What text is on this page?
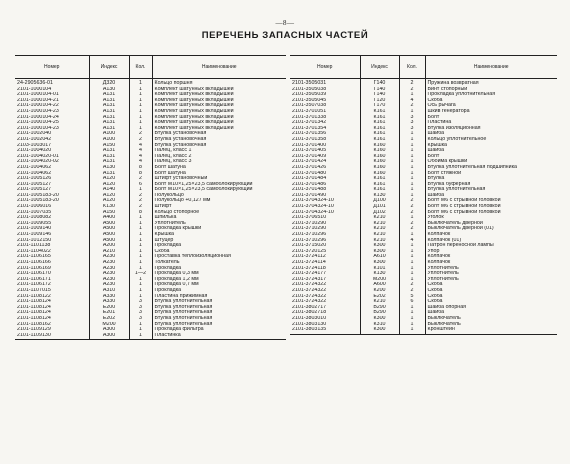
—8—
ПЕРЕЧЕНЬ ЗАПАСНЫХ ЧАСТЕЙ
Номер	Индекс	Кол.	Наименование
24-2905636-01	Д320	1	Кольцо поршня
2101-1000104	А130	1	Комплект шатунных вкладышей
2101-1000104-01	А131	1	Комплект шатунных вкладышей
2101-1000104-21	А131	1	Комплект шатунных вкладышей
2101-1000104-22	А131	1	Комплект шатунных вкладышей
2101-1000104-23	А131	1	Комплект шатунных вкладышей
2101-1000104-24	А131	1	Комплект шатунных вкладышей
2101-1000104-25	А131	1	Комплект шатунных вкладышей
2101-1000104-23	А131	1	Комплект шатунных вкладышей
2101-1002040	А100	2	Втулка установочная
2101-1002042	А100	2	Втулка установочная
2103-1003017	А150	4	Втулка установочная
2101-1004020	А131	4	Палец, класс 1
2101-1004020-01	А131	4	Палец, класс 2
2101-1004020-02	А131	4	Палец, класс 3
2101-1004062	А130	8	Болт шатуна
2101-1004062	А131	8	Болт шатуна
2101-1005126	А120	2	Штифт установочный
2101-1005127	А120	6	Болт М10×1,25×23,5 самоблокирующий
2101-1005127	А140	1	Болт М10×1,25×23,5 самоблокирующий
2101-1005183-20	А120	2	Полукольцо
2101-1005183-20	А120	2	Полукольцо +0,127 мм
2101-1006016	К130	2	Штифт
2101-1007035	А150	8	Кольцо стопорное
2101-1008082	А400	1	Шпилька
2101-1009055	А500	1	Уплотнитель
2101-1009140	А500	1	Прокладка крышки
2101-1009146	А500	1	Крышка
2101-1012150	А500	1	Штуцер
2101-1101138	А200	1	Прокладка
2101-1104022	А210	1	Скоба
2101-1106165	А230	1	Проставка теплоизоляционная
2101-1106166	А230	1	Толкатель
2101-1106169	А230	1	Прокладка
2101-1106170	А230	1—2	Прокладка 0,3 мм
2101-1106171	А230	1	Прокладка 1,2 мм
2101-1106172	А230	1	Прокладка 0,7 мм
2101-1107015	А310	1	Прокладка
2101-1108122	А330	1	Пластина прижимная
2101-1108124	А330	3	Втулка уплотнительная
2101-1108124	Е200	3	Втулка уплотнительная
2101-1108124	Е201	3	Втулка уплотнительная
2101-1108124	Е202	3	Втулка уплотнительная
2101-1108162	М200	1	Втулка уплотнительная
2101-1109129	А300	1	Прокладка фильтра
2101-1109130	А300	1	Пластинка
Номер	Индекс	Кол.	Наименование
2101-3505031	Г140	2	Пружина возвратная
2101-3505038	Г140	2	Винт стопорный
2101-3505039	Г140	1	Прокладка уплотнительная
2101-3505045	Г120	4	Скоба
2101-3507038	Г170	2	Ось рычага
2101-3701051	К161	1	Шкив генератора
2101-3701338	К161	3	Болт
2101-3701342	К161	3	Пластина
2101-3701354	К161	3	Втулка изоляционная
2101-3701356	К161	1	Шайба
2101-3701358	К161	1	Кольцо уплотнительное
2101-3701400	К160	1	Крышка
2101-3701405	К160	1	Шайба
2101-3701409	К160	1	Болт
2101-3701424	К160	1	Обойма крышки
2101-3701426	К160	1	Втулка уплотнительная подшипника
2101-3701480	К160	1	Болт стяжной
2101-3701484	К161	1	Втулка
2101-3701486	К161	1	Втулка буферная
2101-3701488	К161	1	Втулка уплотнительная
2101-3701490	К130	1	Шайба
2101-3704324-10	Д100	2	Болт М6 с стрывной головкой
2101-3704324-10	Д101	2	Болт М6 с стрывной головкой
2101-3704324-10	Д102	2	Болт М6 с стрывной головкой
2101-3706510	К210	1	Уголок
2101-3710290	К210	2	Выключатель дверной
2101-3710290	К210	2	Выключатель дверной (01)
2101-3710296	К210	1	Колпачок
2101-3710296	К210	4	Колпачок (01)
2101-3715020	К300	1	Патрон переносной лампы
2101-3720125	К300	1	Упор
2101-3724112	А610	1	Колпачок
2101-3724114	К300	1	Колпачок
2101-3724118	К101	1	Уплотнитель
2101-3724177	К130	1	Уплотнитель
2101-3724317	М200	1	Уплотнитель
2101-3724322	А600	2	Скоба
2101-3724322	К200	2	Скоба
2101-3724322	Е202	5	Скоба
2101-3724322	К210	6	Скоба
2101-3802717	В290	1	Шайба опорная
2101-3802718	В290	1	Шайба
2101-3803010	К300	1	Выключатель
2101-3803130	К310	1	Выключатель
2101-3803135	К300	1	Кронштейн
